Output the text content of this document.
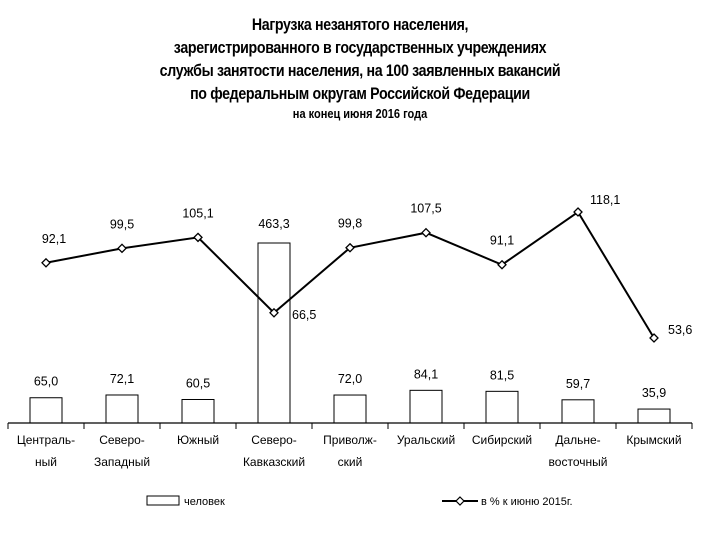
Нагрузка незанятого населения,
зарегистрированного в государственных учреждениях
службы занятости населения, на 100 заявленных вакансий
по федеральным округам Российской Федерации
на конец июня 2016 года
Централь-ный
Северо-Западный
Южный	Северо-Кавказский
Приволж-ский
Уральский Сибирский	Дальне-восточный
Крымский
65,0	72,1	60,5
463,3
72,0	84,1	81,5
59,7
35,9
92,1
99,5
105,1
66,5
99,8
107,5
91,1
118,1
53,6
человек	в % к июню 2015г.
